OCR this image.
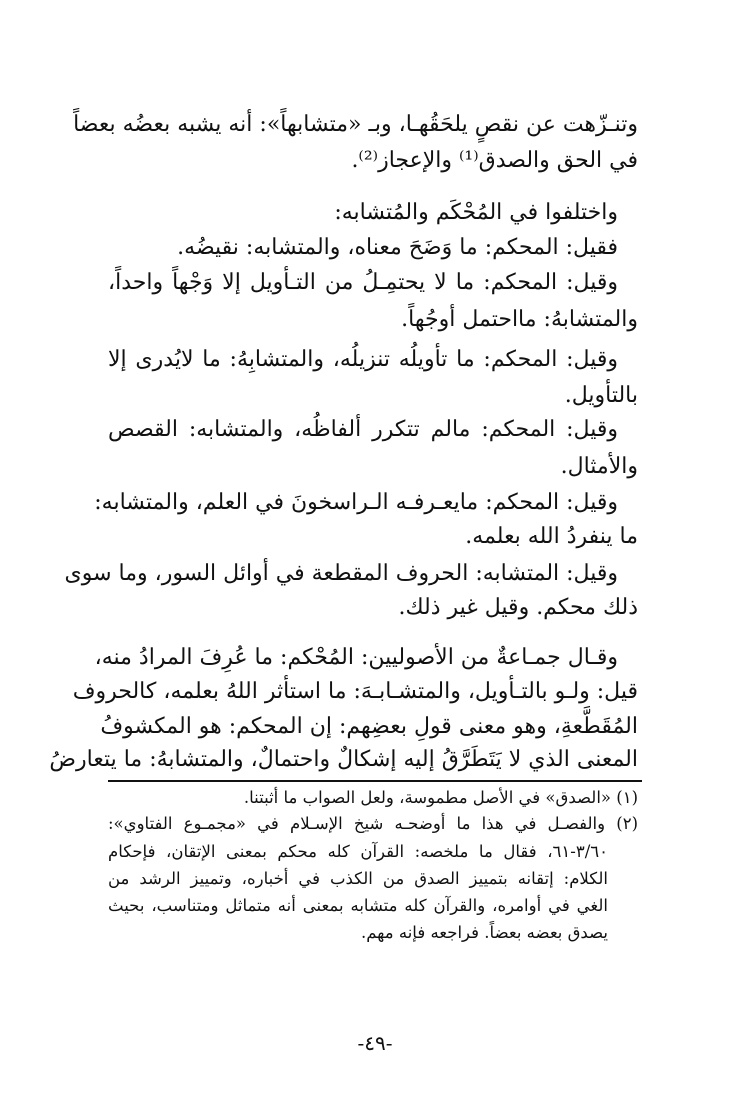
وتنـزّهت عن نقصٍ يلحَقُهـا، وبـ «متشابهاً»: أنه يشبه بعضُه بعضاً
في الحق والصدق⁽¹⁾ والإعجاز⁽²⁾.
واختلفوا في المُحْكَم والمُتشابه:
فقيل: المحكم: ما وَضَحَ معناه، والمتشابه: نقيضُه.
وقيل: المحكم: ما لا يحتمِـلُ من التـأويل إلا وَجْهاً واحداً،
والمتشابهُ: مااحتمل أوجُهاً.
وقيل: المحكم: ما تأويلُه تنزيلُه، والمتشابِهُ: ما لايُدرى إلا
بالتأويل.
وقيل: المحكم: مالم تتكرر ألفاظُه، والمتشابه: القصص
والأمثال.
وقيل: المحكم: مايعـرفـه الـراسخونَ في العلم، والمتشابه:
ما ينفردُ الله بعلمه.
وقيل: المتشابه: الحروف المقطعة في أوائل السور، وما سوى
ذلك محكم. وقيل غير ذلك.
وقـال جمـاعةٌ من الأصوليين: المُحْكم: ما عُرِفَ المرادُ منه،
قيل: ولـو بالتـأويل، والمتشـابـهَ: ما استأثر اللهُ بعلمه، كالحروف
المُقَطَّعةِ، وهو معنى قولِ بعضِهم: إن المحكم: هو المكشوفُ
المعنى الذي لا يَتَطَرَّقُ إليه إشكالٌ واحتمالٌ، والمتشابهُ: ما يتعارضُ
(١) «الصدق» في الأصل مطموسة، ولعل الصواب ما أثبتنا.
(٢) والفصـل في هذا ما أوضحـه شيخ الإسـلام في «مجمـوع الفتاوي»:
٣/٦٠-٦١، فقال ما ملخصه: القرآن كله محكم بمعنى الإتقان، فإحكام
الكلام: إتقانه بتمييز الصدق من الكذب في أخباره، وتمييز الرشد من
الغي في أوامره، والقرآن كله متشابه بمعنى أنه متماثل ومتناسب، بحيث
يصدق بعضه بعضاً. فراجعه فإنه مهم.
-٤٩-
